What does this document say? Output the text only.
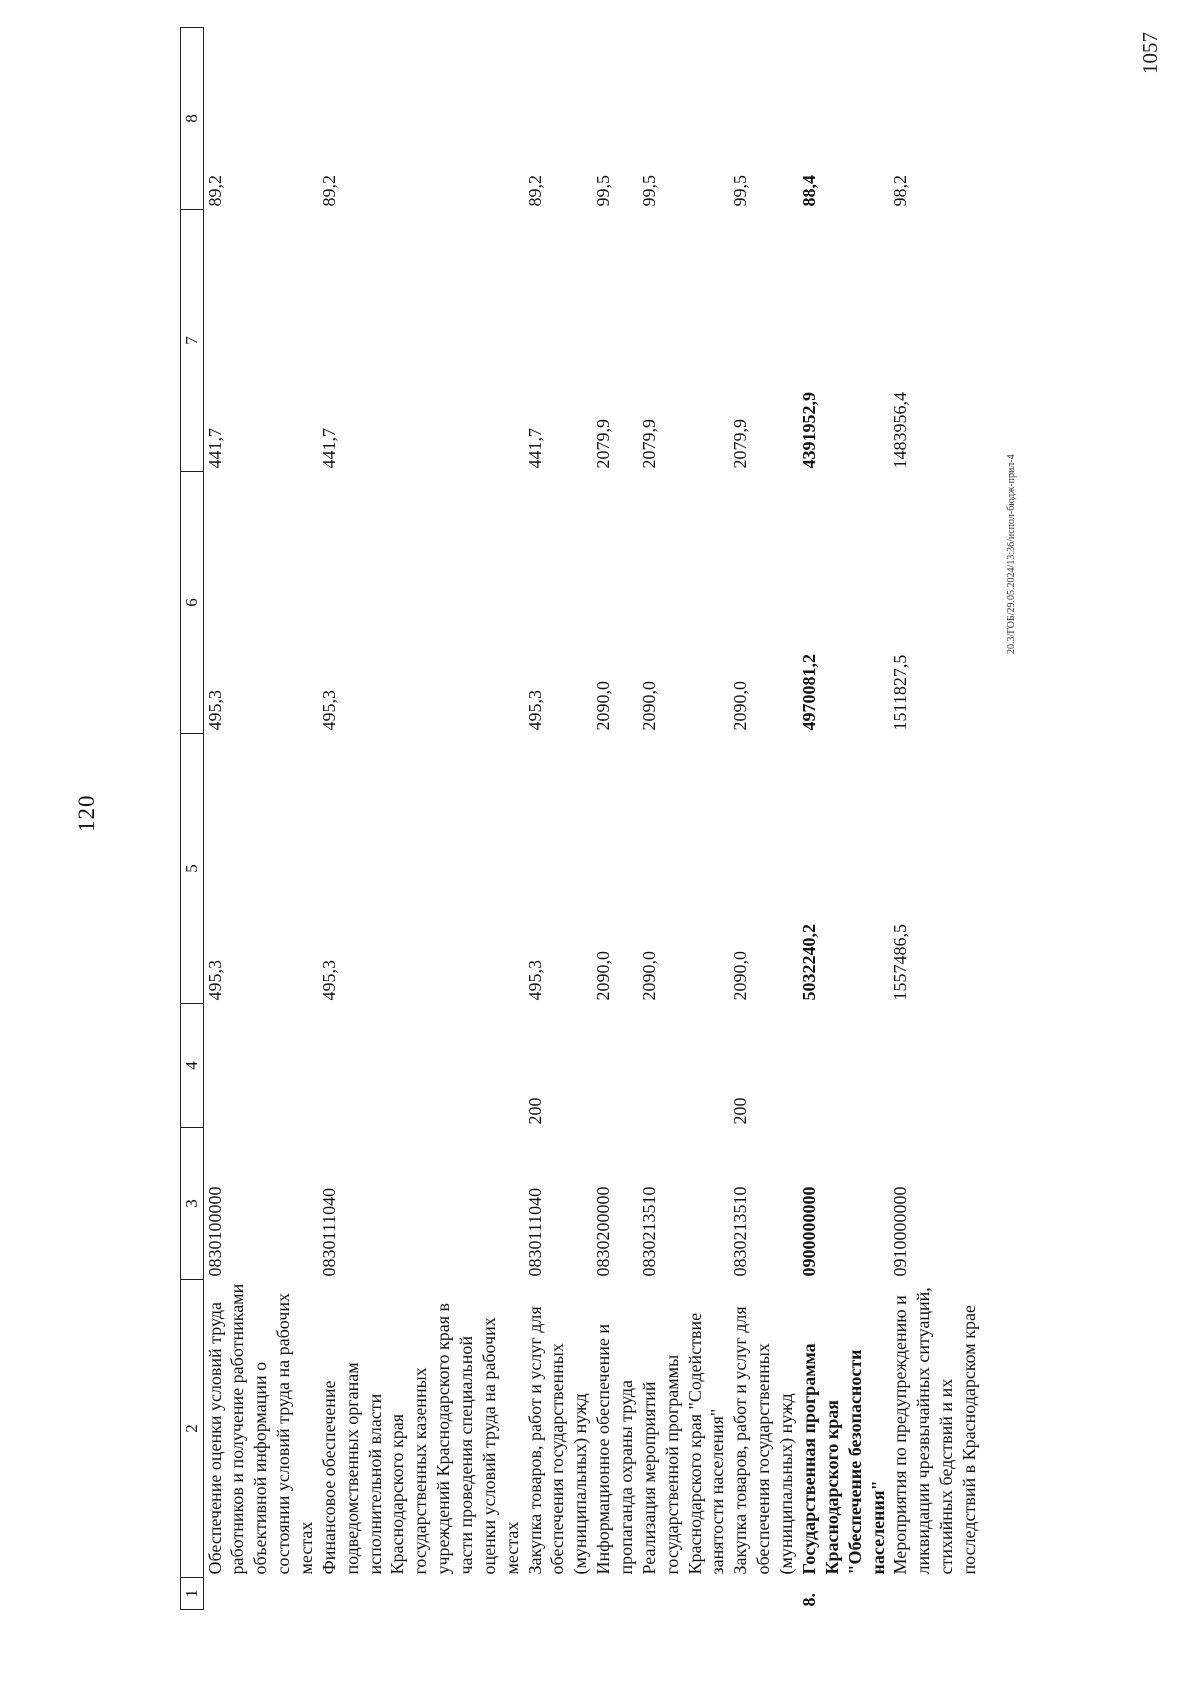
120
1	2	3	4	5	6	7	8
	Обеспечение оценки условий труда работников и получение работниками объективной информации о состоянии условий труда на рабочих местах	0830100000		495,3	495,3	441,7	89,2
	Финансовое обеспечение подведомственных органам исполнительной власти Краснодарского края государственных казенных учреждений Краснодарского края в части проведения специальной оценки условий труда на рабочих местах	0830111040		495,3	495,3	441,7	89,2
	Закупка товаров, работ и услуг для обеспечения государственных (муниципальных) нужд	0830111040	200	495,3	495,3	441,7	89,2
	Информационное обеспечение и пропаганда охраны труда	0830200000		2090,0	2090,0	2079,9	99,5
	Реализация мероприятий государственной программы Краснодарского края "Содействие занятости населения"	0830213510		2090,0	2090,0	2079,9	99,5
	Закупка товаров, работ и услуг для обеспечения государственных (муниципальных) нужд	0830213510	200	2090,0	2090,0	2079,9	99,5
8.	Государственная программа Краснодарского края "Обеспечение безопасности населения"	0900000000		5032240,2	4970081,2	4391952,9	88,4
	Мероприятия по предупреждению и ликвидации чрезвычайных ситуаций, стихийных бедствий и их последствий в Краснодарском крае	0910000000		1557486,5	1511827,5	1483956,4	98,2
20.3/ГОБ/29.05.2024/13:36/испол-бюдж-прил-4
1057
